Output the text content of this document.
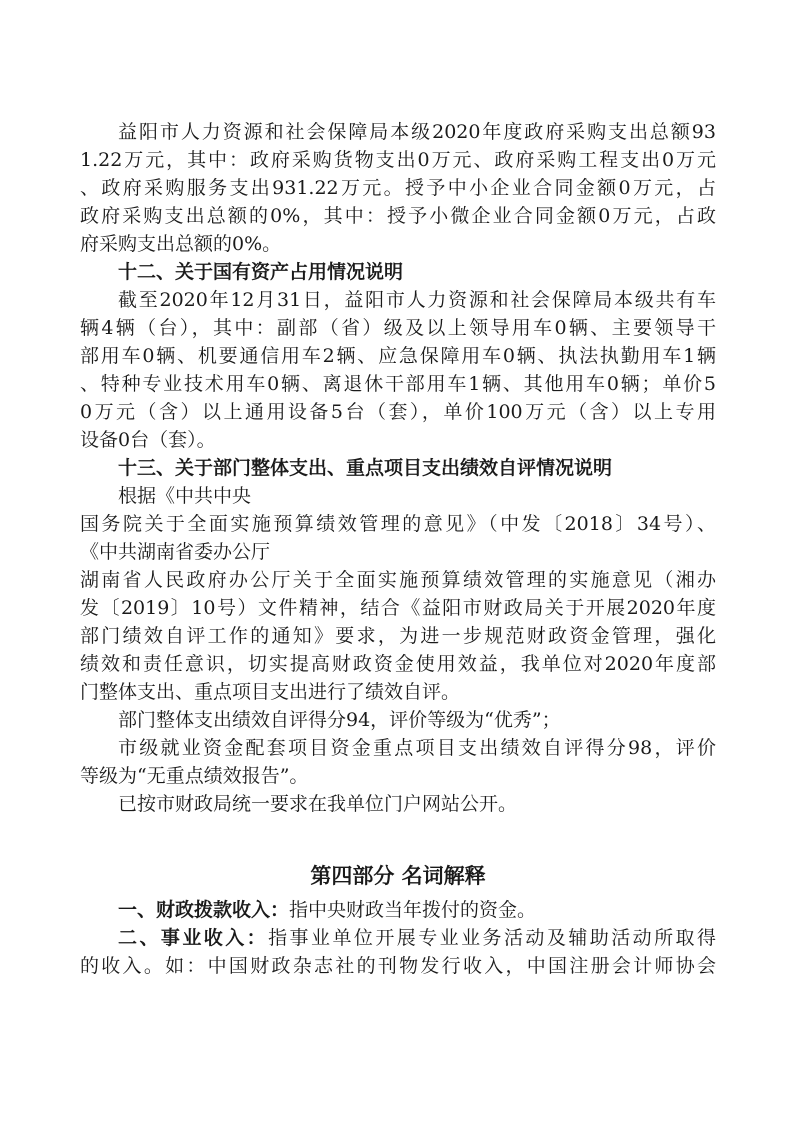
益阳市人力资源和社会保障局本级2020年度政府采购支出总额93
1.22万元，其中：政府采购货物支出0万元、政府采购工程支出0万元
、政府采购服务支出931.22万元。授予中小企业合同金额0万元，占
政府采购支出总额的0%，其中：授予小微企业合同金额0万元，占政
府采购支出总额的0%。
十二、关于国有资产占用情况说明
截至2020年12月31日，益阳市人力资源和社会保障局本级共有车
辆4辆（台），其中：副部（省）级及以上领导用车0辆、主要领导干
部用车0辆、机要通信用车2辆、应急保障用车0辆、执法执勤用车1辆
、特种专业技术用车0辆、离退休干部用车1辆、其他用车0辆；单价5
0万元（含）以上通用设备5台（套），单价100万元（含）以上专用
设备0台（套）。
十三、关于部门整体支出、重点项目支出绩效自评情况说明
根据《中共中央
国务院关于全面实施预算绩效管理的意见》（中发〔2018〕34号）、
《中共湖南省委办公厅
湖南省人民政府办公厅关于全面实施预算绩效管理的实施意见（湘办
发〔2019〕10号）文件精神，结合《益阳市财政局关于开展2020年度
部门绩效自评工作的通知》要求，为进一步规范财政资金管理，强化
绩效和责任意识，切实提高财政资金使用效益，我单位对2020年度部
门整体支出、重点项目支出进行了绩效自评。
部门整体支出绩效自评得分94，评价等级为“优秀”；
市级就业资金配套项目资金重点项目支出绩效自评得分98，评价
等级为“无重点绩效报告”。
已按市财政局统一要求在我单位门户网站公开。
第四部分 名词解释
一、财政拨款收入：指中央财政当年拨付的资金。
二、事业收入：指事业单位开展专业业务活动及辅助活动所取得
的收入。如：中国财政杂志社的刊物发行收入，中国注册会计师协会
